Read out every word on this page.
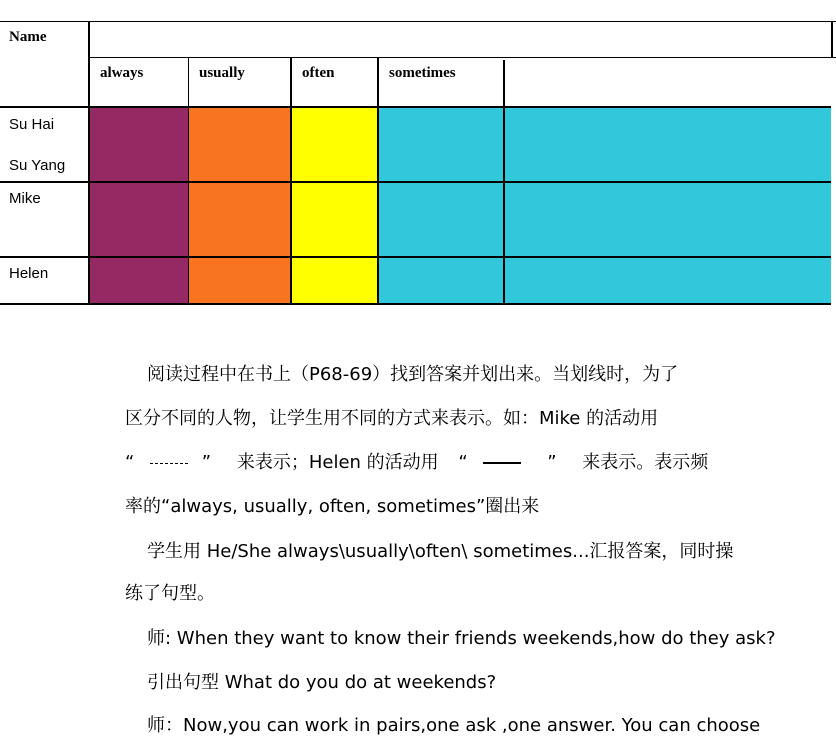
Name
always	usually	often	sometimes
Su Hai
Su Yang
Mike
Helen
阅读过程中在书上（P68-69）找到答案并划出来。当划线时，为了
区分不同的人物，让学生用不同的方式来表示。如：Mike 的活动用
“	” 来表示；Helen 的活动用 “	” 来表示。表示频
率的“always, usually, often, sometimes”圈出来
学生用 He/She always\usually\often\ sometimes...汇报答案，同时操
练了句型。
师: When they want to know their friends weekends,how do they ask?
引出句型 What do you do at weekends?
师：Now,you can work in pairs,one ask ,one answer. You can choose
